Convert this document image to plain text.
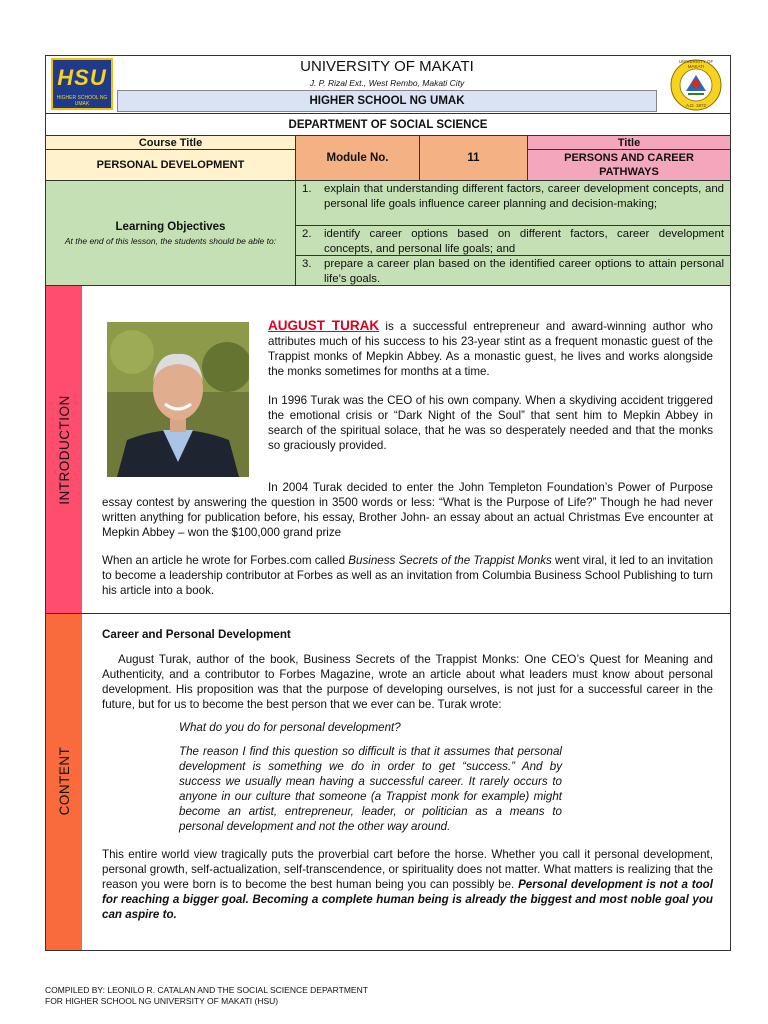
HSU
HIGHER SCHOOL NG UMAK
UNIVERSITY OF MAKATI
J. P. Rizal Ext., West Rembo, Makati City
HIGHER SCHOOL NG UMAK
UNIVERSITY OF MAKATI
A.D. 1972
DEPARTMENT OF SOCIAL SCIENCE
Course Title
PERSONAL DEVELOPMENT
Module No.	11
Title
PERSONS AND CAREER PATHWAYS
Learning Objectives
At the end of this lesson, the students should be able to:
1.	explain that understanding different factors, career development concepts, and personal life goals influence career planning and decision-making;
2.	identify career options based on different factors, career development concepts, and personal life goals; and
3.	prepare a career plan based on the identified career options to attain personal life’s goals.
INTRODUCTION
AUGUST TURAK is a successful entrepreneur and award-winning author who attributes much of his success to his 23-year stint as a frequent monastic guest of the Trappist monks of Mepkin Abbey. As a monastic guest, he lives and works alongside the monks sometimes for months at a time.

In 1996 Turak was the CEO of his own company. When a skydiving accident triggered the emotional crisis or “Dark Night of the Soul” that sent him to Mepkin Abbey in search of the spiritual solace, that he was so desperately needed and that the monks so graciously provided.

In 2004 Turak decided to enter the John Templeton Foundation’s Power of Purpose essay contest by answering the question in 3500 words or less: “What is the Purpose of Life?” Though he had never written anything for publication before, his essay, Brother John- an essay about an actual Christmas Eve encounter at Mepkin Abbey – won the $100,000 grand prize

When an article he wrote for Forbes.com called Business Secrets of the Trappist Monks went viral, it led to an invitation to become a leadership contributor at Forbes as well as an invitation from Columbia Business School Publishing to turn his article into a book.

CONTENT
Career and Personal Development

August Turak, author of the book, Business Secrets of the Trappist Monks: One CEO’s Quest for Meaning and Authenticity, and a contributor to Forbes Magazine, wrote an article about what leaders must know about personal development. His proposition was that the purpose of developing ourselves, is not just for a successful career in the future, but for us to become the best person that we ever can be. Turak wrote:

What do you do for personal development?

The reason I find this question so difficult is that it assumes that personal development is something we do in order to get “success.” And by success we usually mean having a successful career. It rarely occurs to anyone in our culture that someone (a Trappist monk for example) might become an artist, entrepreneur, leader, or politician as a means to personal development and not the other way around.

This entire world view tragically puts the proverbial cart before the horse. Whether you call it personal development, personal growth, self-actualization, self-transcendence, or spirituality does not matter. What matters is realizing that the reason you were born is to become the best human being you can possibly be. Personal development is not a tool for reaching a bigger goal. Becoming a complete human being is already the biggest and most noble goal you can aspire to.

COMPILED BY: LEONILO R. CATALAN AND THE SOCIAL SCIENCE DEPARTMENT
FOR HIGHER SCHOOL NG UNIVERSITY OF MAKATI (HSU)
